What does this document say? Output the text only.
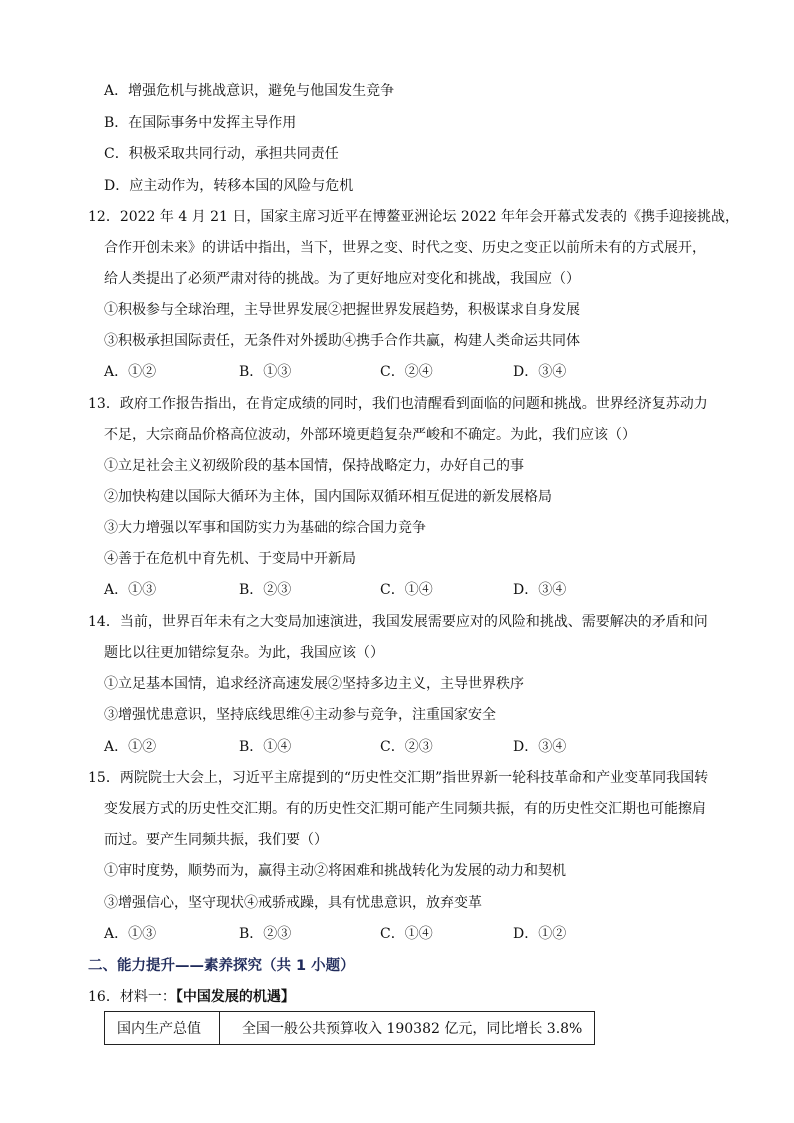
A．增强危机与挑战意识，避免与他国发生竞争
B．在国际事务中发挥主导作用
C．积极采取共同行动，承担共同责任
D．应主动作为，转移本国的风险与危机
12．2022 年 4 月 21 日，国家主席习近平在博鳌亚洲论坛 2022 年年会开幕式发表的《携手迎接挑战，
合作开创未来》的讲话中指出，当下，世界之变、时代之变、历史之变正以前所未有的方式展开，
给人类提出了必须严肃对待的挑战。为了更好地应对变化和挑战，我国应（）
①积极参与全球治理，主导世界发展②把握世界发展趋势，积极谋求自身发展
③积极承担国际责任，无条件对外援助④携手合作共赢，构建人类命运共同体
A．①②	B．①③	C．②④	D．③④
13．政府工作报告指出，在肯定成绩的同时，我们也清醒看到面临的问题和挑战。世界经济复苏动力
不足，大宗商品价格高位波动，外部环境更趋复杂严峻和不确定。为此，我们应该（）
①立足社会主义初级阶段的基本国情，保持战略定力，办好自己的事
②加快构建以国际大循环为主体，国内国际双循环相互促进的新发展格局
③大力增强以军事和国防实力为基础的综合国力竞争
④善于在危机中育先机、于变局中开新局
A．①③	B．②③	C．①④	D．③④
14．当前，世界百年未有之大变局加速演进，我国发展需要应对的风险和挑战、需要解决的矛盾和问
题比以往更加错综复杂。为此，我国应该（）
①立足基本国情，追求经济高速发展②坚持多边主义，主导世界秩序
③增强忧患意识，坚持底线思维④主动参与竞争，注重国家安全
A．①②	B．①④	C．②③	D．③④
15．两院院士大会上，习近平主席提到的“历史性交汇期”指世界新一轮科技革命和产业变革同我国转
变发展方式的历史性交汇期。有的历史性交汇期可能产生同频共振，有的历史性交汇期也可能擦肩
而过。要产生同频共振，我们要（）
①审时度势，顺势而为，赢得主动②将困难和挑战转化为发展的动力和契机
③增强信心，坚守现状④戒骄戒躁，具有忧患意识，放弃变革
A．①③	B．②③	C．①④	D．①②
二、能力提升——素养探究（共 1 小题）
16．材料一：【中国发展的机遇】
国内生产总值	全国一般公共预算收入 190382 亿元，同比增长 3.8%
